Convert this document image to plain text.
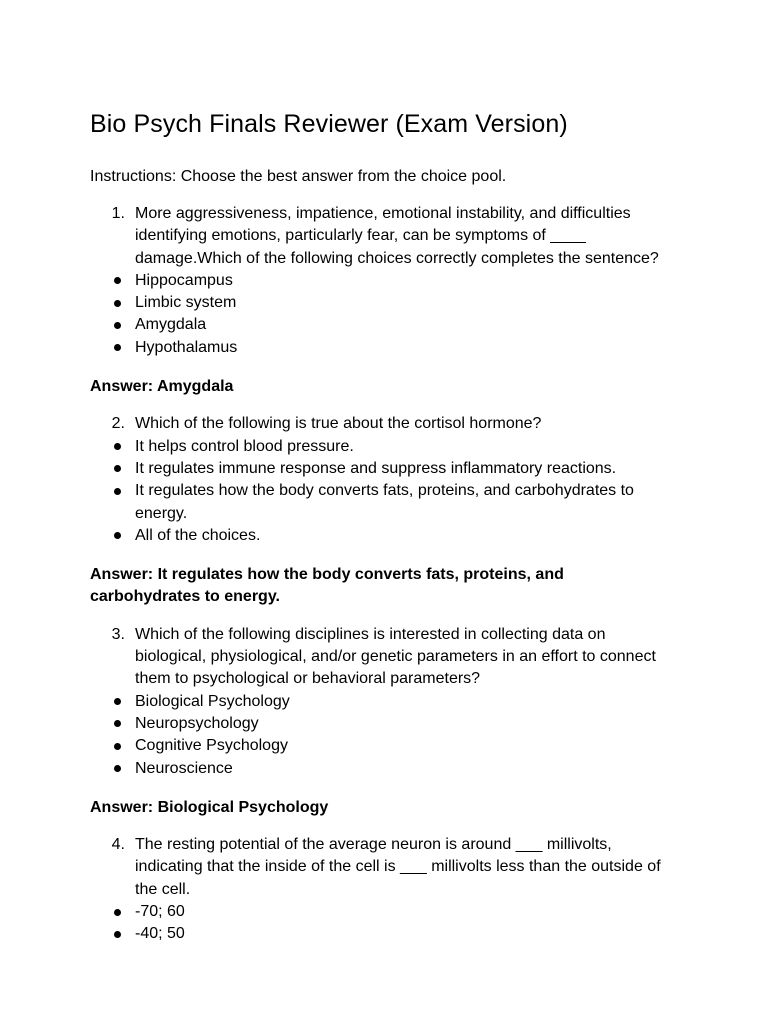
Bio Psych Finals Reviewer (Exam Version)

Instructions: Choose the best answer from the choice pool.

1. More aggressiveness, impatience, emotional instability, and difficulties identifying emotions, particularly fear, can be symptoms of ____ damage.Which of the following choices correctly completes the sentence?
Hippocampus
Limbic system
Amygdala
Hypothalamus

Answer: Amygdala

2. Which of the following is true about the cortisol hormone?
It helps control blood pressure.
It regulates immune response and suppress inflammatory reactions.
It regulates how the body converts fats, proteins, and carbohydrates to energy.
All of the choices.

Answer: It regulates how the body converts fats, proteins, and carbohydrates to energy.

3. Which of the following disciplines is interested in collecting data on biological, physiological, and/or genetic parameters in an effort to connect them to psychological or behavioral parameters?
Biological Psychology
Neuropsychology
Cognitive Psychology
Neuroscience

Answer: Biological Psychology

4. The resting potential of the average neuron is around ___ millivolts, indicating that the inside of the cell is ___ millivolts less than the outside of the cell.
-70; 60
-40; 50
